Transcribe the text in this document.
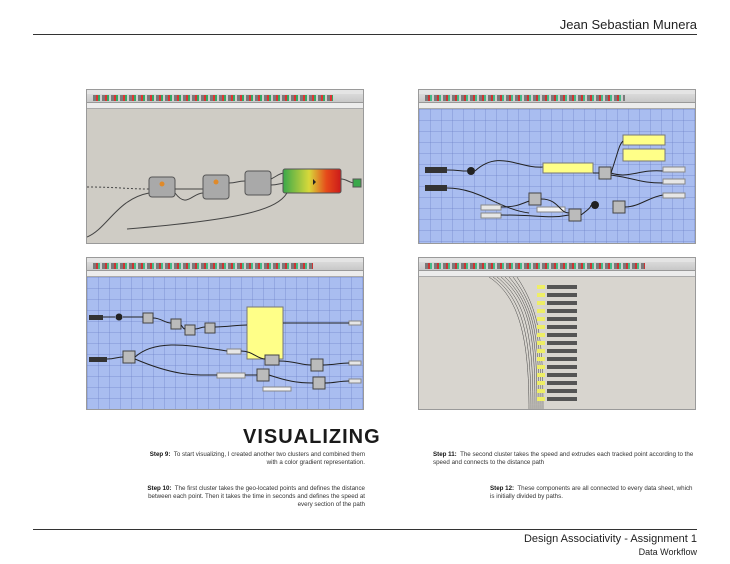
Jean Sebastian Munera
VISUALIZING
Step 9: To start visualizing, I created another two clusters and combined them with a color gradient representation.
Step 10: The first cluster takes the geo-located points and defines the distance between each point. Then it takes the time in seconds and defines the speed at every section of the path
Step 11: The second cluster takes the speed and extrudes each tracked point according to the speed and connects to the distance path
Step 12: These components are all connected to every data sheet, which is initially divided by paths.
Design Associativity - Assignment 1
Data Workflow
